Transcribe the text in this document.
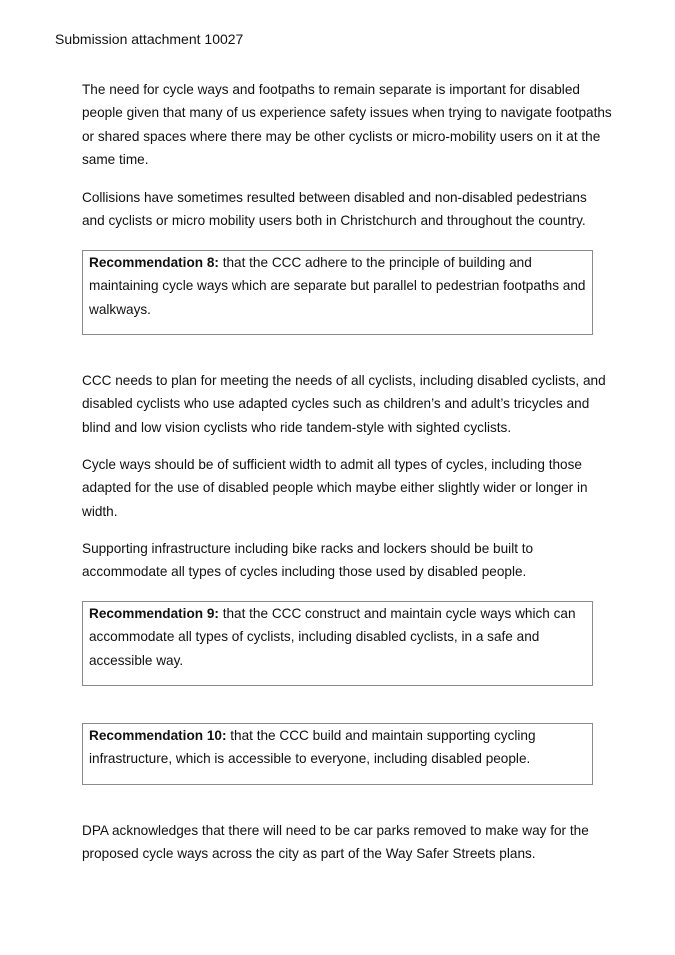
Submission attachment 10027

The need for cycle ways and footpaths to remain separate is important for disabled people given that many of us experience safety issues when trying to navigate footpaths or shared spaces where there may be other cyclists or micro-mobility users on it at the same time.

Collisions have sometimes resulted between disabled and non-disabled pedestrians and cyclists or micro mobility users both in Christchurch and throughout the country.

Recommendation 8: that the CCC adhere to the principle of building and maintaining cycle ways which are separate but parallel to pedestrian footpaths and walkways.

CCC needs to plan for meeting the needs of all cyclists, including disabled cyclists, and disabled cyclists who use adapted cycles such as children’s and adult’s tricycles and blind and low vision cyclists who ride tandem-style with sighted cyclists.

Cycle ways should be of sufficient width to admit all types of cycles, including those adapted for the use of disabled people which maybe either slightly wider or longer in width.

Supporting infrastructure including bike racks and lockers should be built to accommodate all types of cycles including those used by disabled people.

Recommendation 9: that the CCC construct and maintain cycle ways which can accommodate all types of cyclists, including disabled cyclists, in a safe and accessible way.

Recommendation 10: that the CCC build and maintain supporting cycling infrastructure, which is accessible to everyone, including disabled people.

DPA acknowledges that there will need to be car parks removed to make way for the proposed cycle ways across the city as part of the Way Safer Streets plans.
